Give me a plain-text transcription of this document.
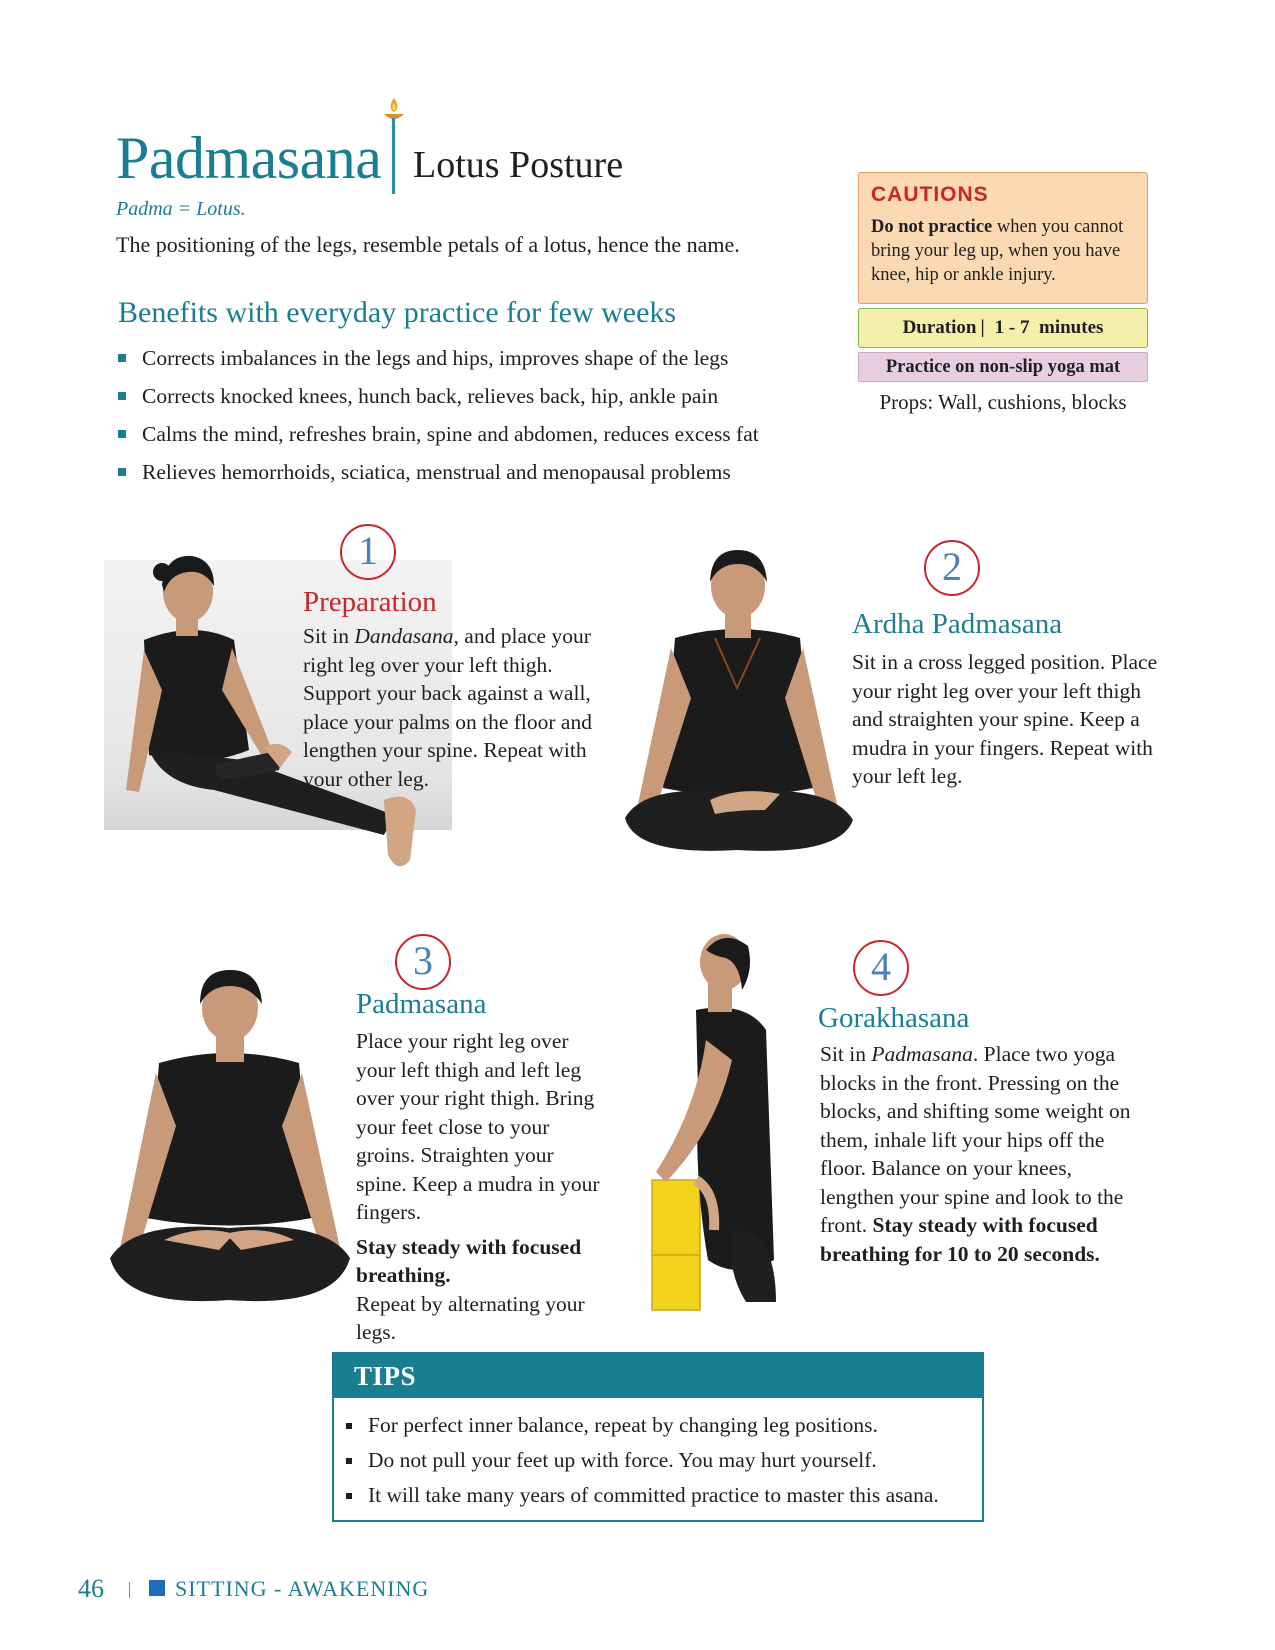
Padmasana Lotus Posture
Padma = Lotus.
The positioning of the legs, resemble petals of a lotus, hence the name.
Benefits with everyday practice for few weeks
Corrects imbalances in the legs and hips, improves shape of the legs
Corrects knocked knees, hunch back, relieves back, hip, ankle pain
Calms the mind, refreshes brain, spine and abdomen, reduces excess fat
Relieves hemorrhoids, sciatica, menstrual and menopausal problems
CAUTIONS
Do not practice when you cannot bring your leg up, when you have knee, hip or ankle injury.
Duration | 1 - 7  minutes
Practice on non-slip yoga mat
Props: Wall, cushions, blocks
1
Preparation
Sit in Dandasana, and place your right leg over your left thigh. Support your back against a wall, place your palms on the floor and lengthen your spine. Repeat with your other leg.
2
Ardha Padmasana
Sit in a cross legged position. Place your right leg over your left thigh and straighten your spine. Keep a mudra in your fingers. Repeat with your left leg.
3
Padmasana
Place your right leg over your left thigh and left leg over your right thigh. Bring your feet close to your groins. Straighten your spine. Keep a mudra in your fingers.
Stay steady with focused breathing. Repeat by alternating your legs.
4
Gorakhasana
Sit in Padmasana. Place two yoga blocks in the front. Pressing on the blocks, and shifting some weight on them, inhale lift your hips off the floor. Balance on your knees, lengthen your spine and look to the front. Stay steady with focused breathing for 10 to 20 seconds.
TIPS
For perfect inner balance, repeat by changing leg positions.
Do not pull your feet up with force. You may hurt yourself.
It will take many years of committed practice to master this asana.
46	SITTING - AWAKENING
